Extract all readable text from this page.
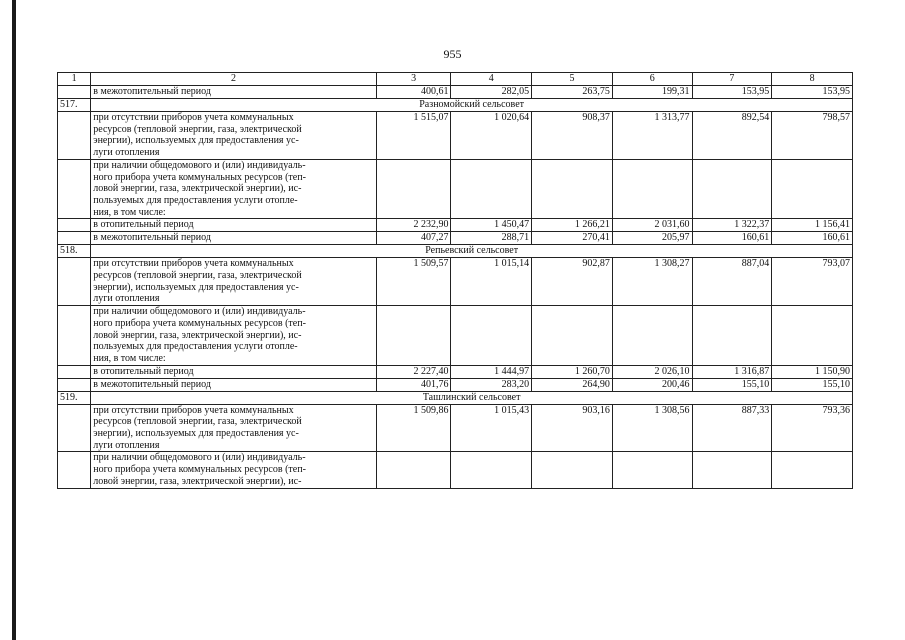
955
1	2	3	4	5	6	7	8
	в межотопительный период	400,61	282,05	263,75	199,31	153,95	153,95
517.	Разномойский сельсовет						

	при отсутствии приборов учета коммунальных
ресурсов (тепловой энергии, газа, электрической
энергии), используемых для предоставления ус-
луги отопления	1 515,07	1 020,64	908,37	1 313,77	892,54	798,57

	при наличии общедомового и (или) индивидуаль-
ного прибора учета коммунальных ресурсов (теп-
ловой энергии, газа, электрической энергии), ис-
пользуемых для предоставления услуги отопле-
ния, в том числе:						

	в отопительный период	2 232,90	1 450,47	1 266,21	2 031,60	1 322,37	1 156,41
	в межотопительный период	407,27	288,71	270,41	205,97	160,61	160,61
518.	Репьевский сельсовет						

	при отсутствии приборов учета коммунальных
ресурсов (тепловой энергии, газа, электрической
энергии), используемых для предоставления ус-
луги отопления	1 509,57	1 015,14	902,87	1 308,27	887,04	793,07

	при наличии общедомового и (или) индивидуаль-
ного прибора учета коммунальных ресурсов (теп-
ловой энергии, газа, электрической энергии), ис-
пользуемых для предоставления услуги отопле-
ния, в том числе:						

	в отопительный период	2 227,40	1 444,97	1 260,70	2 026,10	1 316,87	1 150,90
	в межотопительный период	401,76	283,20	264,90	200,46	155,10	155,10
519.	Ташлинский сельсовет						

	при отсутствии приборов учета коммунальных
ресурсов (тепловой энергии, газа, электрической
энергии), используемых для предоставления ус-
луги отопления	1 509,86	1 015,43	903,16	1 308,56	887,33	793,36

	при наличии общедомового и (или) индивидуаль-
ного прибора учета коммунальных ресурсов (теп-
ловой энергии, газа, электрической энергии), ис-						
